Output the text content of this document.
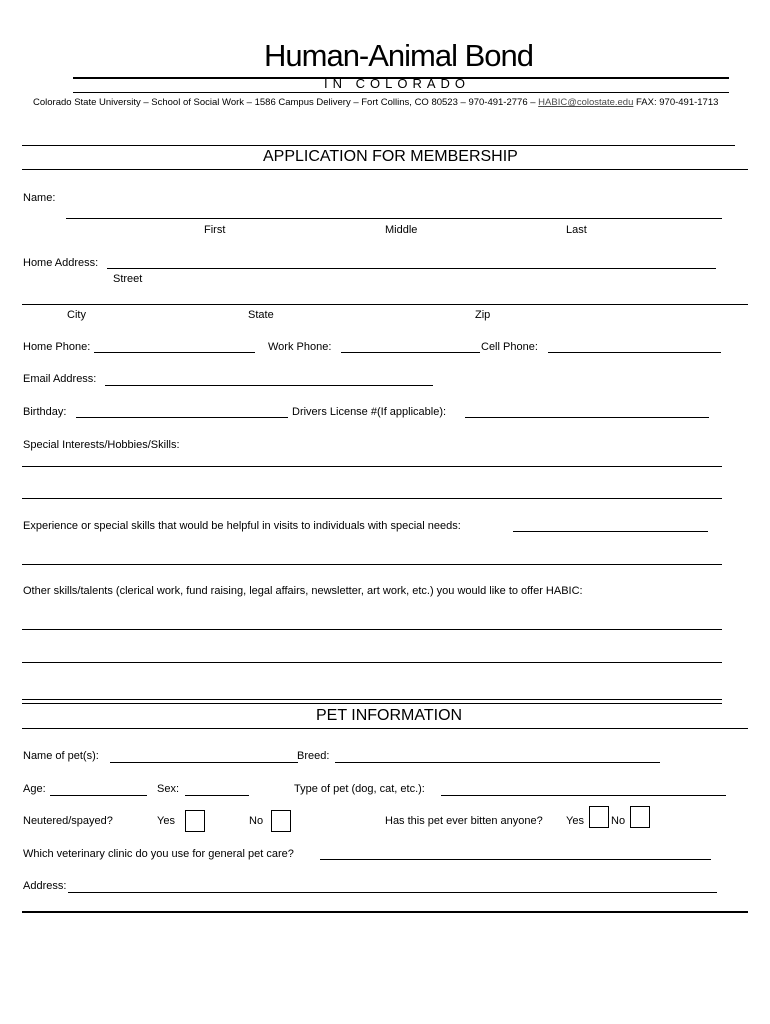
Human-Animal Bond
IN COLORADO
Colorado State University – School of Social Work – 1586 Campus Delivery – Fort Collins, CO 80523 – 970-491-2776 – HABIC@colostate.edu FAX: 970-491-1713
APPLICATION FOR MEMBERSHIP
Name:
First	Middle	Last
Home Address:
Street
City	State	Zip
Home Phone:	Work Phone:	Cell Phone:
Email Address:
Birthday:	Drivers License #(If applicable):
Special Interests/Hobbies/Skills:
Experience or special skills that would be helpful in visits to individuals with special needs:
Other skills/talents (clerical work, fund raising, legal affairs, newsletter, art work, etc.) you would like to offer HABIC:
PET INFORMATION
Name of pet(s):	Breed:
Age:	Sex:	Type of pet (dog, cat, etc.):
Neutered/spayed?	Yes	No	Has this pet ever bitten anyone? Yes No
Which veterinary clinic do you use for general pet care?
Address:
